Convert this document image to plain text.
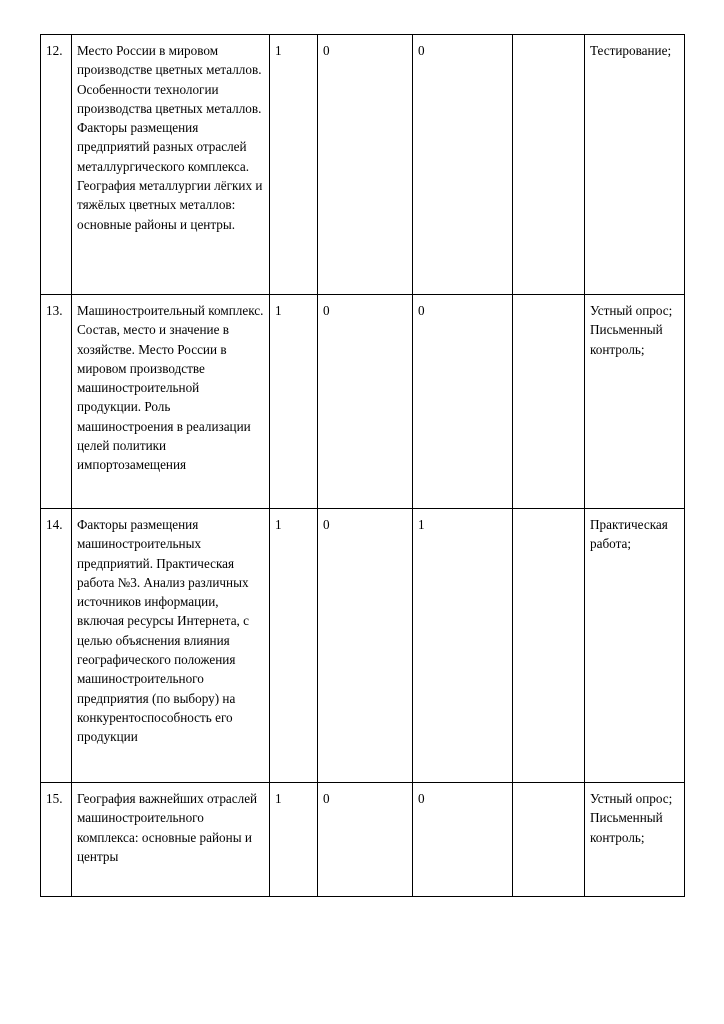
12.	Место России в мировом производстве цветных металлов. Особенности технологии производства цветных металлов. Факторы размещения предприятий разных отраслей металлургического комплекса. География металлургии лёгких и тяжёлых цветных металлов: основные районы и центры.	1	0	0		Тестирование;
13.	Машиностроительный комплекс. Состав, место и значение в хозяйстве. Место России в мировом производстве машиностроительной продукции. Роль машиностроения в реализации целей политики импортозамещения	1	0	0		Устный опрос; Письменный контроль;
14.	Факторы размещения машиностроительных предприятий. Практическая работа №3. Анализ различных источников информации, включая ресурсы Интернета, с целью объяснения влияния географического положения машиностроительного предприятия (по выбору) на конкурентоспособность его продукции	1	0	1		Практическая работа;
15.	География важнейших отраслей машиностроительного комплекса: основные районы и центры	1	0	0		Устный опрос; Письменный контроль;
